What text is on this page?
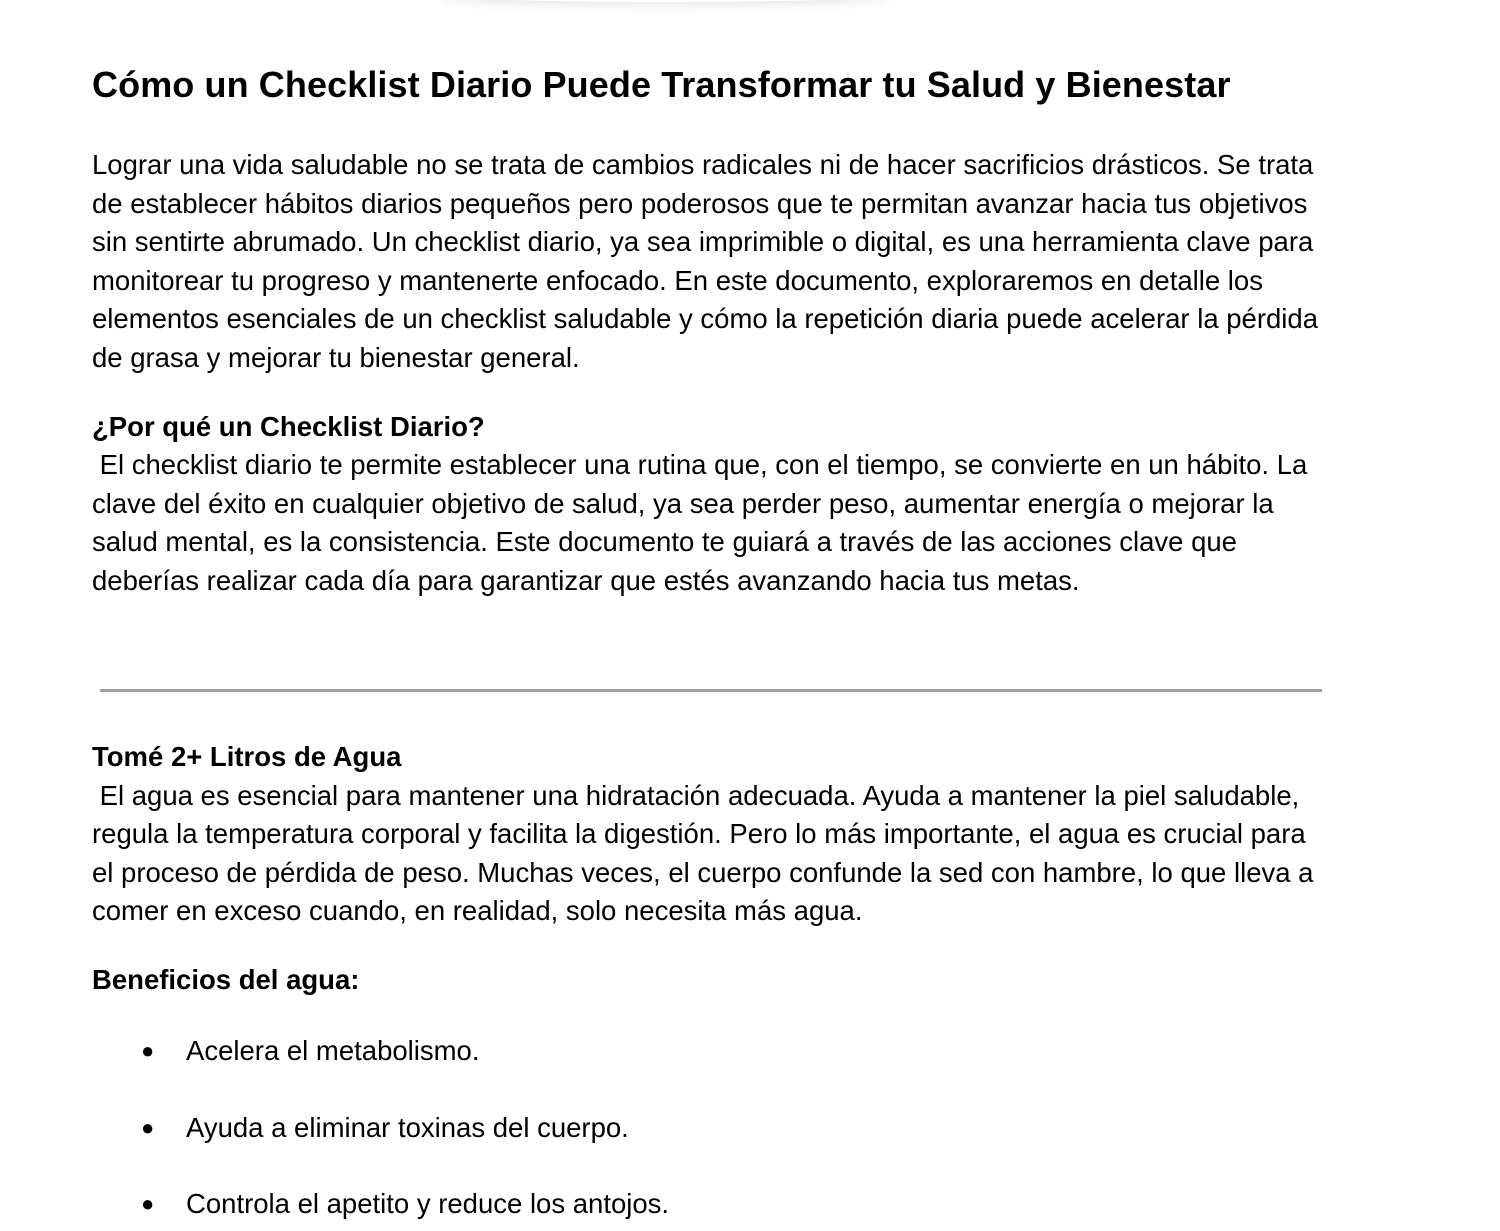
Cómo un Checklist Diario Puede Transformar tu Salud y Bienestar

Lograr una vida saludable no se trata de cambios radicales ni de hacer sacrificios drásticos. Se trata de establecer hábitos diarios pequeños pero poderosos que te permitan avanzar hacia tus objetivos sin sentirte abrumado. Un checklist diario, ya sea imprimible o digital, es una herramienta clave para monitorear tu progreso y mantenerte enfocado. En este documento, exploraremos en detalle los elementos esenciales de un checklist saludable y cómo la repetición diaria puede acelerar la pérdida de grasa y mejorar tu bienestar general.

¿Por qué un Checklist Diario?

El checklist diario te permite establecer una rutina que, con el tiempo, se convierte en un hábito. La clave del éxito en cualquier objetivo de salud, ya sea perder peso, aumentar energía o mejorar la salud mental, es la consistencia. Este documento te guiará a través de las acciones clave que deberías realizar cada día para garantizar que estés avanzando hacia tus metas.

Tomé 2+ Litros de Agua

El agua es esencial para mantener una hidratación adecuada. Ayuda a mantener la piel saludable, regula la temperatura corporal y facilita la digestión. Pero lo más importante, el agua es crucial para el proceso de pérdida de peso. Muchas veces, el cuerpo confunde la sed con hambre, lo que lleva a comer en exceso cuando, en realidad, solo necesita más agua.

Beneficios del agua:

● Acelera el metabolismo.
● Ayuda a eliminar toxinas del cuerpo.
● Controla el apetito y reduce los antojos.
